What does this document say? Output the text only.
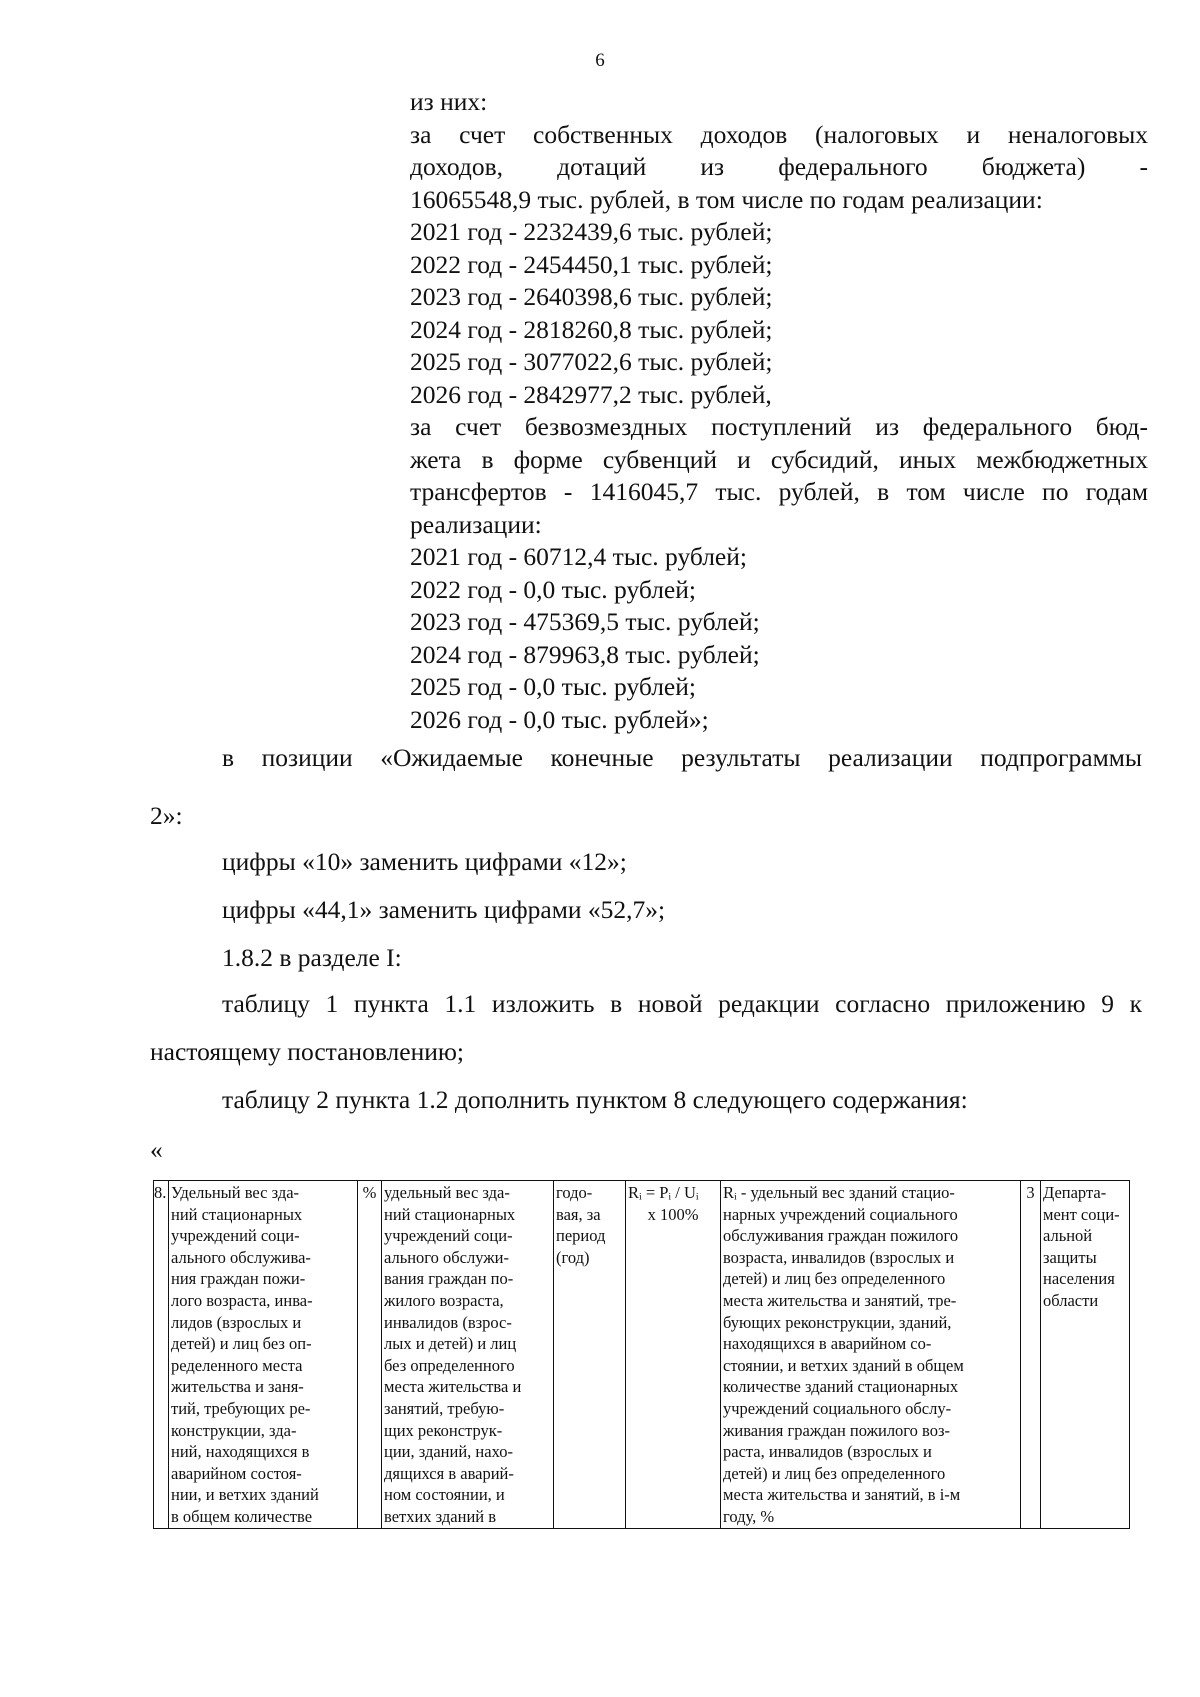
6
из них:
за счет собственных доходов (налоговых и неналоговых
доходов, дотаций из федерального бюджета) -
16065548,9 тыс. рублей, в том числе по годам реализации:
2021 год - 2232439,6 тыс. рублей;
2022 год - 2454450,1 тыс. рублей;
2023 год - 2640398,6 тыс. рублей;
2024 год - 2818260,8 тыс. рублей;
2025 год - 3077022,6 тыс. рублей;
2026 год - 2842977,2 тыс. рублей,
за счет безвозмездных поступлений из федерального бюд-
жета в форме субвенций и субсидий, иных межбюджетных
трансфертов - 1416045,7 тыс. рублей, в том числе по годам
реализации:
2021 год - 60712,4 тыс. рублей;
2022 год - 0,0 тыс. рублей;
2023 год - 475369,5 тыс. рублей;
2024 год - 879963,8 тыс. рублей;
2025 год - 0,0 тыс. рублей;
2026 год - 0,0 тыс. рублей»;
в позиции «Ожидаемые конечные результаты реализации подпрограммы
2»:
цифры «10» заменить цифрами «12»;
цифры «44,1» заменить цифрами «52,7»;
1.8.2 в разделе I:
таблицу 1 пункта 1.1 изложить в новой редакции согласно приложению 9 к
настоящему постановлению;
таблицу 2 пункта 1.2 дополнить пунктом 8 следующего содержания:
«
8.	Удельный вес зда-
ний стационарных
учреждений соци-
ального обслужива-
ния граждан пожи-
лого возраста, инва-
лидов (взрослых и
детей) и лиц без оп-
ределенного места
жительства и заня-
тий, требующих ре-
конструкции, зда-
ний, находящихся в
аварийном состоя-
нии, и ветхих зданий
в общем количестве

%	удельный вес зда-
ний стационарных
учреждений соци-
ального обслужи-
вания граждан по-
жилого возраста,
инвалидов (взрос-
лых и детей) и лиц
без определенного
места жительства и
занятий, требую-
щих реконструк-
ции, зданий, нахо-
дящихся в аварий-
ном состоянии, и
ветхих зданий в

годо-
вая, за
период
(год)

Rᵢ = Pᵢ / Uᵢ
x 100%

Rᵢ - удельный вес зданий стацио-
нарных учреждений социального
обслуживания граждан пожилого
возраста, инвалидов (взрослых и
детей) и лиц без определенного
места жительства и занятий, тре-
бующих реконструкции, зданий,
находящихся в аварийном со-
стоянии, и ветхих зданий в общем
количестве зданий стационарных
учреждений социального обслу-
живания граждан пожилого воз-
раста, инвалидов (взрослых и
детей) и лиц без определенного
места жительства и занятий, в i-м
году, %

3	Департа-
мент соци-
альной
защиты
населения
области
